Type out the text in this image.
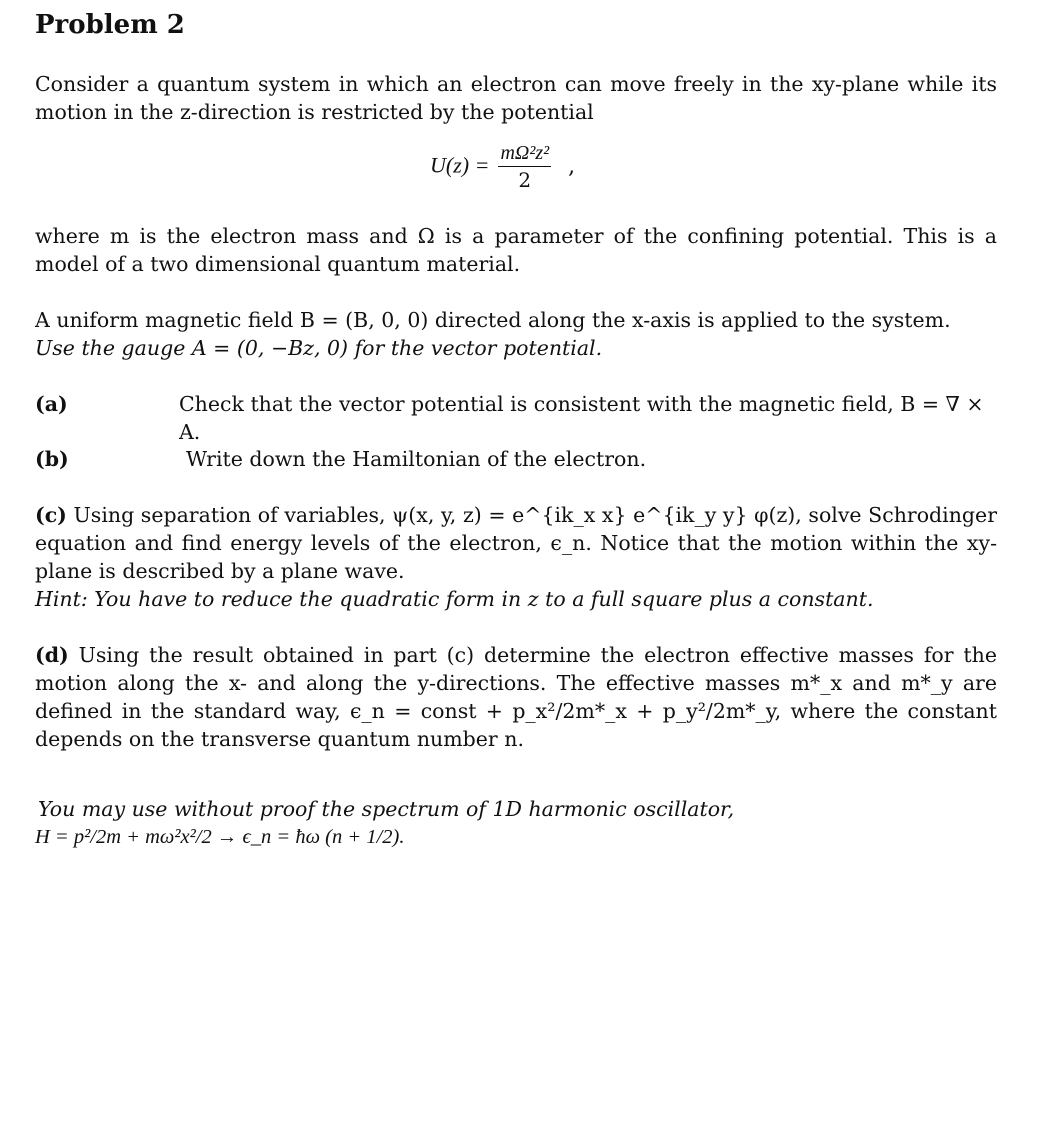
Problem 2
Consider a quantum system in which an electron can move freely in the xy-plane while its motion in the z-direction is restricted by the potential
$U(z) = \frac{\text{mΩ²z²}}{2}$ ,
where m is the electron mass and Ω is a parameter of the confining potential. This is a model of a two dimensional quantum material.
A uniform magnetic field B = (B, 0, 0) directed along the x-axis is applied to the system.
Use the gauge A = (0, −Bz, 0) for the vector potential.
(a)	Check that the vector potential is consistent with the magnetic field, B = ∇ × A.
(b)	Write down the Hamiltonian of the electron.
(c) Using separation of variables, ψ(x, y, z) = e^{ik_x x} e^{ik_y y} φ(z), solve Schrodinger equation and find energy levels of the electron, ϵ_n. Notice that the motion within the xy-plane is described by a plane wave.
Hint: You have to reduce the quadratic form in z to a full square plus a constant.
(d) Using the result obtained in part (c) determine the electron effective masses for the motion along the x- and along the y-directions. The effective masses m*_x and m*_y are defined in the standard way, ϵ_n = const + p_x²/2m*_x + p_y²/2m*_y, where the constant depends on the transverse quantum number n.
You may use without proof the spectrum of 1D harmonic oscillator,
H = p²/2m + mω²x²/2 → ϵ_n = ħω (n + 1/2).
